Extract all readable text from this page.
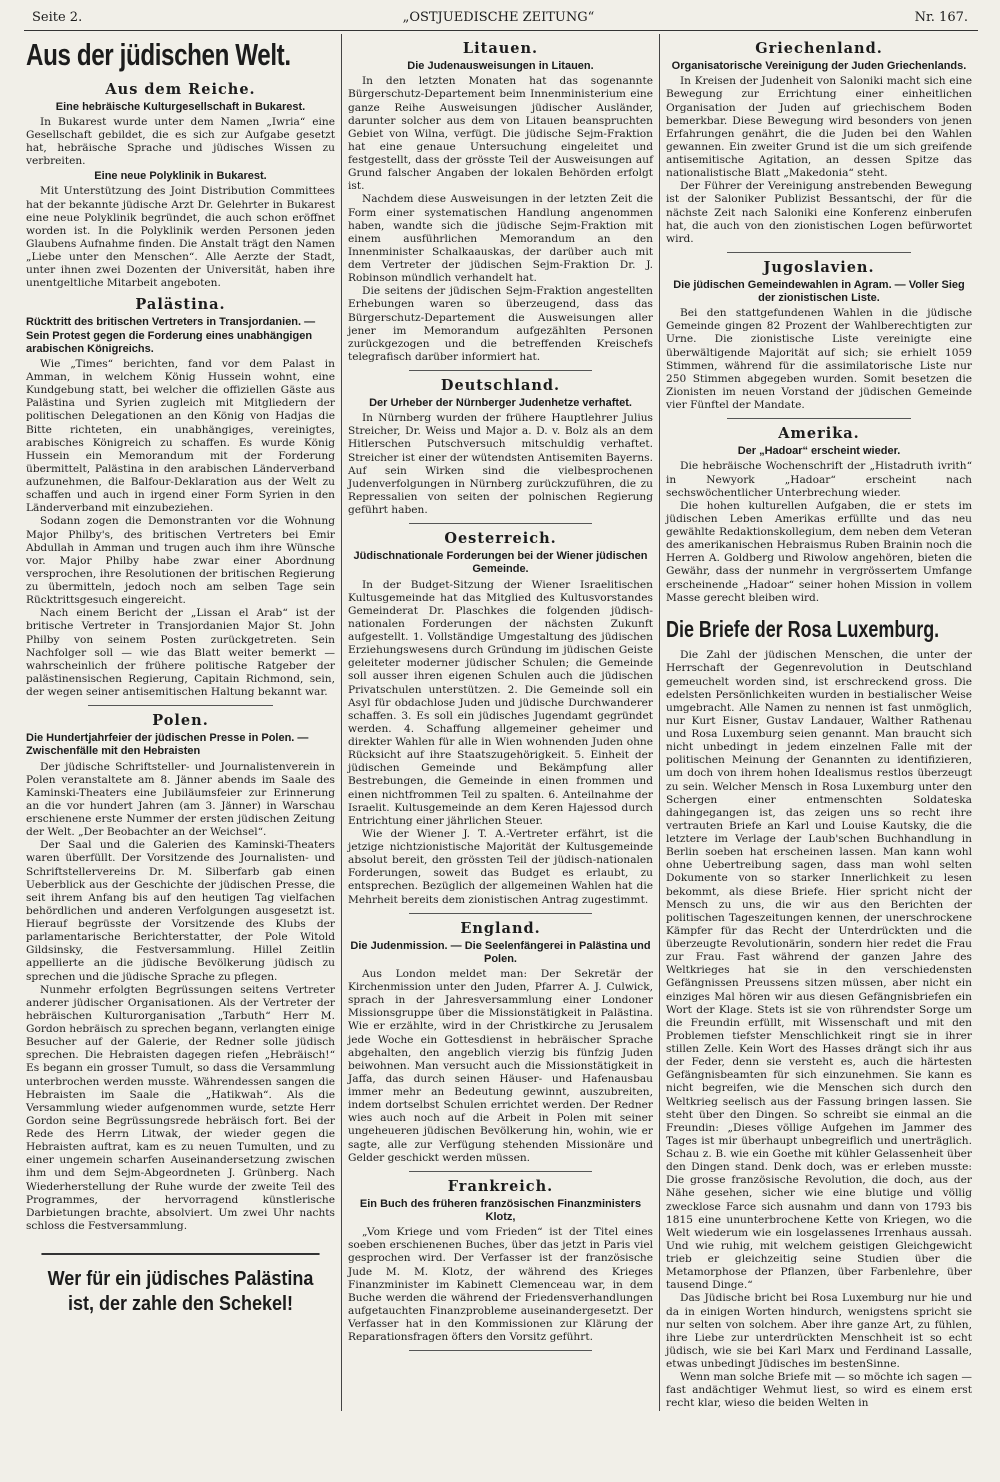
Seite 2.	„OSTJUEDISCHE ZEITUNG“	Nr. 167.
Aus der jüdischen Welt.
Aus dem Reiche.
Eine hebräische Kulturgesellschaft in Bukarest.

In Bukarest wurde unter dem Namen „Iwria“ eine Gesellschaft gebildet, die es sich zur Aufgabe gesetzt hat, hebräische Sprache und jüdisches Wissen zu verbreiten.

Eine neue Polyklinik in Bukarest.

Mit Unterstützung des Joint Distribution Committees hat der bekannte jüdische Arzt Dr. Gelehrter in Bukarest eine neue Polyklinik begründet, die auch schon eröffnet worden ist. In die Polyklinik werden Personen jeden Glaubens Aufnahme finden. Die Anstalt trägt den Namen „Liebe unter den Menschen“. Alle Aerzte der Stadt, unter ihnen zwei Dozenten der Universität, haben ihre unentgeltliche Mitarbeit angeboten.

Palästina.
Rücktritt des britischen Vertreters in Transjordanien. — Sein Protest gegen die Forderung eines unabhängigen arabischen Königreichs.

Wie „Times“ berichten, fand vor dem Palast in Amman, in welchem König Hussein wohnt, eine Kundgebung statt, bei welcher die offiziellen Gäste aus Palästina und Syrien zugleich mit Mitgliedern der politischen Delegationen an den König von Hadjas die Bitte richteten, ein unabhängiges, vereinigtes, arabisches Königreich zu schaffen. Es wurde König Hussein ein Memorandum mit der Forderung übermittelt, Palästina in den arabischen Länderverband aufzunehmen, die Balfour-Deklaration aus der Welt zu schaffen und auch in irgend einer Form Syrien in den Länderverband mit einzubeziehen.

Sodann zogen die Demonstranten vor die Wohnung Major Philby's, des britischen Vertreters bei Emir Abdullah in Amman und trugen auch ihm ihre Wünsche vor. Major Philby habe zwar einer Abordnung versprochen, ihre Resolutionen der britischen Regierung zu übermitteln, jedoch noch am selben Tage sein Rücktrittsgesuch eingereicht.

Nach einem Bericht der „Lissan el Arab“ ist der britische Vertreter in Transjordanien Major St. John Philby von seinem Posten zurückgetreten. Sein Nachfolger soll — wie das Blatt weiter bemerkt — wahrscheinlich der frühere politische Ratgeber der palästinensischen Regierung, Capitain Richmond, sein, der wegen seiner antisemitischen Haltung bekannt war.

Polen.
Die Hundertjahrfeier der jüdischen Presse in Polen. — Zwischenfälle mit den Hebraisten

Der jüdische Schriftsteller- und Journalistenverein in Polen veranstaltete am 8. Jänner abends im Saale des Kaminski-Theaters eine Jubiläumsfeier zur Erinnerung an die vor hundert Jahren (am 3. Jänner) in Warschau erschienene erste Nummer der ersten jüdischen Zeitung der Welt. „Der Beobachter an der Weichsel“.

Der Saal und die Galerien des Kaminski-Theaters waren überfüllt. Der Vorsitzende des Journalisten- und Schriftstellervereins Dr. M. Silberfarb gab einen Ueberblick aus der Geschichte der jüdischen Presse, die seit ihrem Anfang bis auf den heutigen Tag vielfachen behördlichen und anderen Verfolgungen ausgesetzt ist. Hierauf begrüsste der Vorsitzende des Klubs der parlamentarische Berichterstatter, der Pole Witold Gildsinsky, die Festversammlung. Hillel Zeitlin appellierte an die jüdische Bevölkerung jüdisch zu sprechen und die jüdische Sprache zu pflegen.

Nunmehr erfolgten Begrüssungen seitens Vertreter anderer jüdischer Organisationen. Als der Vertreter der hebräischen Kulturorganisation „Tarbuth“ Herr M. Gordon hebräisch zu sprechen begann, verlangten einige Besucher auf der Galerie, der Redner solle jüdisch sprechen. Die Hebraisten dagegen riefen „Hebräisch!“ Es begann ein grosser Tumult, so dass die Versammlung unterbrochen werden musste. Währendessen sangen die Hebraisten im Saale die „Hatikwah“. Als die Versammlung wieder aufgenommen wurde, setzte Herr Gordon seine Begrüssungsrede hebräisch fort. Bei der Rede des Herrn Litwak, der wieder gegen die Hebraisten auftrat, kam es zu neuen Tumulten, und zu einer ungemein scharfen Auseinandersetzung zwischen ihm und dem Sejm-Abgeordneten J. Grünberg. Nach Wiederherstellung der Ruhe wurde der zweite Teil des Programmes, der hervorragend künstlerische Darbietungen brachte, absolviert. Um zwei Uhr nachts schloss die Festversammlung.

Wer für ein jüdisches Palästina
ist, der zahle den Schekel!
Litauen.
Die Judenausweisungen in Litauen.

In den letzten Monaten hat das sogenannte Bürgerschutz-Departement beim Innenministerium eine ganze Reihe Ausweisungen jüdischer Ausländer, darunter solcher aus dem von Litauen beanspruchten Gebiet von Wilna, verfügt. Die jüdische Sejm-Fraktion hat eine genaue Untersuchung eingeleitet und festgestellt, dass der grösste Teil der Ausweisungen auf Grund falscher Angaben der lokalen Behörden erfolgt ist.

Nachdem diese Ausweisungen in der letzten Zeit die Form einer systematischen Handlung angenommen haben, wandte sich die jüdische Sejm-Fraktion mit einem ausführlichen Memorandum an den Innenminister Schalkaauskas, der darüber auch mit dem Vertreter der jüdischen Sejm-Fraktion Dr. J. Robinson mündlich verhandelt hat.

Die seitens der jüdischen Sejm-Fraktion angestellten Erhebungen waren so überzeugend, dass das Bürgerschutz-Departement die Ausweisungen aller jener im Memorandum aufgezählten Personen zurückgezogen und die betreffenden Kreischefs telegrafisch darüber informiert hat.

Deutschland.
Der Urheber der Nürnberger Judenhetze verhaftet.

In Nürnberg wurden der frühere Hauptlehrer Julius Streicher, Dr. Weiss und Major a. D. v. Bolz als an dem Hitlerschen Putschversuch mitschuldig verhaftet. Streicher ist einer der wütendsten Antisemiten Bayerns. Auf sein Wirken sind die vielbesprochenen Judenverfolgungen in Nürnberg zurückzuführen, die zu Repressalien von seiten der polnischen Regierung geführt haben.

Oesterreich.
Jüdischnationale Forderungen bei der Wiener jüdischen Gemeinde.

In der Budget-Sitzung der Wiener Israelitischen Kultusgemeinde hat das Mitglied des Kultusvorstandes Gemeinderat Dr. Plaschkes die folgenden jüdisch-nationalen Forderungen der nächsten Zukunft aufgestellt. 1. Vollständige Umgestaltung des jüdischen Erziehungswesens durch Gründung im jüdischen Geiste geleiteter moderner jüdischer Schulen; die Gemeinde soll ausser ihren eigenen Schulen auch die jüdischen Privatschulen unterstützen. 2. Die Gemeinde soll ein Asyl für obdachlose Juden und jüdische Durchwanderer schaffen. 3. Es soll ein jüdisches Jugendamt gegründet werden. 4. Schaffung allgemeiner geheimer und direkter Wahlen für alle in Wien wohnenden Juden ohne Rücksicht auf ihre Staatszugehörigkeit. 5. Einheit der jüdischen Gemeinde und Bekämpfung aller Bestrebungen, die Gemeinde in einen frommen und einen nichtfrommen Teil zu spalten. 6. Anteilnahme der Israelit. Kultusgemeinde an dem Keren Hajessod durch Entrichtung einer jährlichen Steuer.

Wie der Wiener J. T. A.-Vertreter erfährt, ist die jetzige nichtzionistische Majorität der Kultusgemeinde absolut bereit, den grössten Teil der jüdisch-nationalen Forderungen, soweit das Budget es erlaubt, zu entsprechen. Bezüglich der allgemeinen Wahlen hat die Mehrheit bereits dem zionistischen Antrag zugestimmt.

England.
Die Judenmission. — Die Seelenfängerei in Palästina und Polen.

Aus London meldet man: Der Sekretär der Kirchenmission unter den Juden, Pfarrer A. J. Culwick, sprach in der Jahresversammlung einer Londoner Missionsgruppe über die Missionstätigkeit in Palästina. Wie er erzählte, wird in der Christkirche zu Jerusalem jede Woche ein Gottesdienst in hebräischer Sprache abgehalten, den angeblich vierzig bis fünfzig Juden beiwohnen. Man versucht auch die Missionstätigkeit in Jaffa, das durch seinen Häuser- und Hafenausbau immer mehr an Bedeutung gewinnt, auszubreiten, indem dortselbst Schulen errichtet werden. Der Redner wies auch noch auf die Arbeit in Polen mit seiner ungeheueren jüdischen Bevölkerung hin, wohin, wie er sagte, alle zur Verfügung stehenden Missionäre und Gelder geschickt werden müssen.

Frankreich.
Ein Buch des früheren französischen Finanzministers Klotz,

„Vom Kriege und vom Frieden“ ist der Titel eines soeben erschienenen Buches, über das jetzt in Paris viel gesprochen wird. Der Verfasser ist der französische Jude M. M. Klotz, der während des Krieges Finanzminister im Kabinett Clemenceau war, in dem Buche werden die während der Friedensverhandlungen aufgetauchten Finanzprobleme auseinandergesetzt. Der Verfasser hat in den Kommissionen zur Klärung der Reparationsfragen öfters den Vorsitz geführt.

Griechenland.
Organisatorische Vereinigung der Juden Griechenlands.

In Kreisen der Judenheit von Saloniki macht sich eine Bewegung zur Errichtung einer einheitlichen Organisation der Juden auf griechischem Boden bemerkbar. Diese Bewegung wird besonders von jenen Erfahrungen genährt, die die Juden bei den Wahlen gewannen. Ein zweiter Grund ist die um sich greifende antisemitische Agitation, an dessen Spitze das nationalistische Blatt „Makedonia“ steht.

Der Führer der Vereinigung anstrebenden Bewegung ist der Saloniker Publizist Bessantschi, der für die nächste Zeit nach Saloniki eine Konferenz einberufen hat, die auch von den zionistischen Logen befürwortet wird.

Jugoslavien.
Die jüdischen Gemeindewahlen in Agram. — Voller Sieg der zionistischen Liste.

Bei den stattgefundenen Wahlen in die jüdische Gemeinde gingen 82 Prozent der Wahlberechtigten zur Urne. Die zionistische Liste vereinigte eine überwältigende Majorität auf sich; sie erhielt 1059 Stimmen, während für die assimilatorische Liste nur 250 Stimmen abgegeben wurden. Somit besetzen die Zionisten im neuen Vorstand der jüdischen Gemeinde vier Fünftel der Mandate.

Amerika.
Der „Hadoar“ erscheint wieder.

Die hebräische Wochenschrift der „Histadruth ivrith“ in Newyork „Hadoar“ erscheint nach sechswöchentlicher Unterbrechung wieder.

Die hohen kulturellen Aufgaben, die er stets im jüdischen Leben Amerikas erfüllte und das neu gewählte Redaktionskollegium, dem neben dem Veteran des amerikanischen Hebraismus Ruben Brainin noch die Herren A. Goldberg und Riwolow angehören, bieten die Gewähr, dass der nunmehr in vergrössertem Umfange erscheinende „Hadoar“ seiner hohen Mission in vollem Masse gerecht bleiben wird.

Die Briefe der Rosa Luxemburg.

Die Zahl der jüdischen Menschen, die unter der Herrschaft der Gegenrevolution in Deutschland gemeuchelt worden sind, ist erschreckend gross. Die edelsten Persönlichkeiten wurden in bestialischer Weise umgebracht. Alle Namen zu nennen ist fast unmöglich, nur Kurt Eisner, Gustav Landauer, Walther Rathenau und Rosa Luxemburg seien genannt. Man braucht sich nicht unbedingt in jedem einzelnen Falle mit der politischen Meinung der Genannten zu identifizieren, um doch von ihrem hohen Idealismus restlos überzeugt zu sein. Welcher Mensch in Rosa Luxemburg unter den Schergen einer entmenschten Soldateska dahingegangen ist, das zeigen uns so recht ihre vertrauten Briefe an Karl und Louise Kautsky, die die letztere im Verlage der Laub'schen Buchhandlung in Berlin soeben hat erscheinen lassen. Man kann wohl ohne Uebertreibung sagen, dass man wohl selten Dokumente von so starker Innerlichkeit zu lesen bekommt, als diese Briefe. Hier spricht nicht der Mensch zu uns, die wir aus den Berichten der politischen Tageszeitungen kennen, der unerschrockene Kämpfer für das Recht der Unterdrückten und die überzeugte Revolutionärin, sondern hier redet die Frau zur Frau. Fast während der ganzen Jahre des Weltkrieges hat sie in den verschiedensten Gefängnissen Preussens sitzen müssen, aber nicht ein einziges Mal hören wir aus diesen Gefängnisbriefen ein Wort der Klage. Stets ist sie von rührendster Sorge um die Freundin erfüllt, mit Wissenschaft und mit den Problemen tiefster Menschlichkeit ringt sie in ihrer stillen Zelle. Kein Wort des Hasses drängt sich ihr aus der Feder, denn sie versteht es, auch die härtesten Gefängnisbeamten für sich einzunehmen. Sie kann es nicht begreifen, wie die Menschen sich durch den Weltkrieg seelisch aus der Fassung bringen lassen. Sie steht über den Dingen. So schreibt sie einmal an die Freundin: „Dieses völlige Aufgehen im Jammer des Tages ist mir überhaupt unbegreiflich und unerträglich. Schau z. B. wie ein Goethe mit kühler Gelassenheit über den Dingen stand. Denk doch, was er erleben musste: Die grosse französische Revolution, die doch, aus der Nähe gesehen, sicher wie eine blutige und völlig zwecklose Farce sich ausnahm und dann von 1793 bis 1815 eine ununterbrochene Kette von Kriegen, wo die Welt wiederum wie ein losgelassenes Irrenhaus aussah. Und wie ruhig, mit welchem geistigen Gleichgewicht trieb er gleichzeitig seine Studien über die Metamorphose der Pflanzen, über Farbenlehre, über tausend Dinge.“

Das Jüdische bricht bei Rosa Luxemburg nur hie und da in einigen Worten hindurch, wenigstens spricht sie nur selten von solchem. Aber ihre ganze Art, zu fühlen, ihre Liebe zur unterdrückten Menschheit ist so echt jüdisch, wie sie bei Karl Marx und Ferdinand Lassalle, etwas unbedingt Jüdisches im bestenSinne.

Wenn man solche Briefe mit — so möchte ich sagen — fast andächtiger Wehmut liest, so wird es einem erst recht klar, wieso die beiden Welten in
